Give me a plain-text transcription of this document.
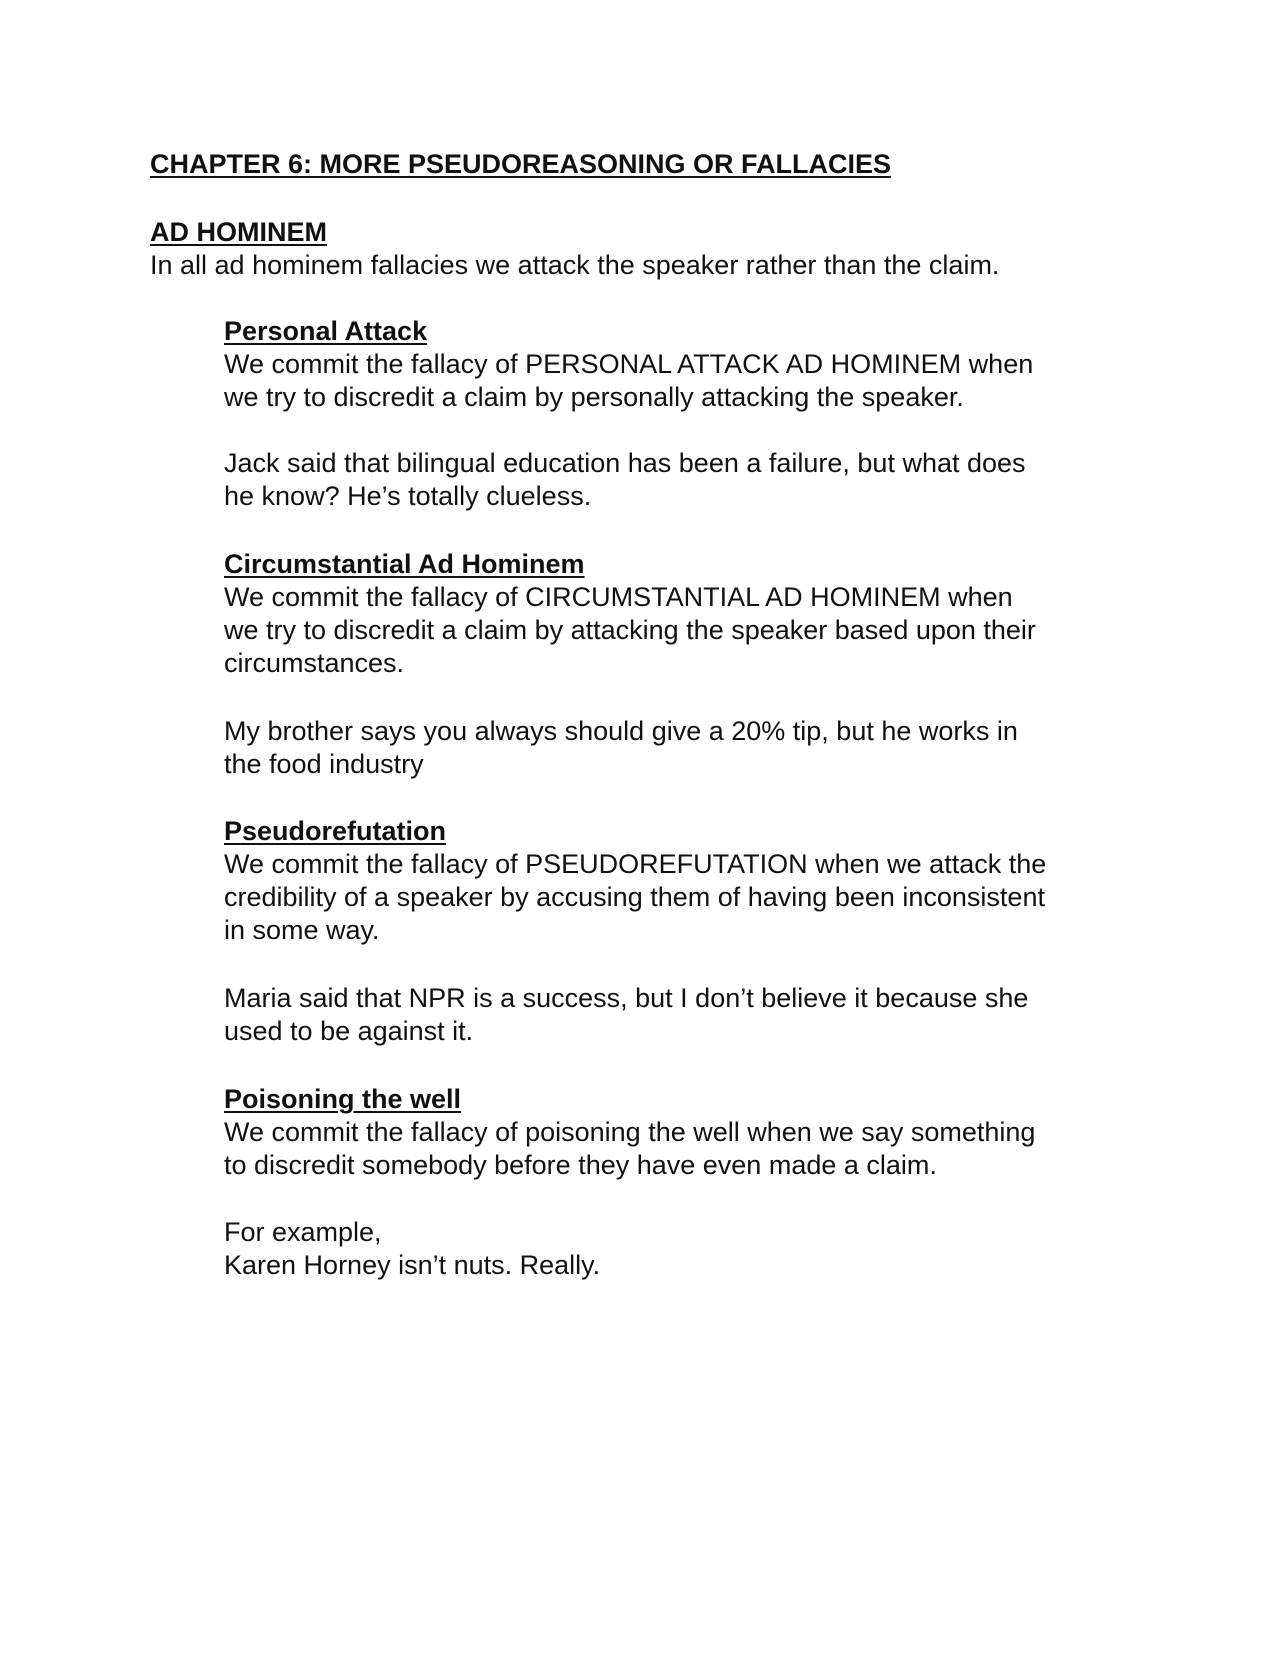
CHAPTER 6: MORE PSEUDOREASONING OR FALLACIES
AD HOMINEM
In all ad hominem fallacies we attack the speaker rather than the claim.
Personal Attack
We commit the fallacy of PERSONAL ATTACK AD HOMINEM when
we try to discredit a claim by personally attacking the speaker.
Jack said that bilingual education has been a failure, but what does
he know? He’s totally clueless.
Circumstantial Ad Hominem
We commit the fallacy of CIRCUMSTANTIAL AD HOMINEM when
we try to discredit a claim by attacking the speaker based upon their
circumstances.
My brother says you always should give a 20% tip, but he works in
the food industry
Pseudorefutation
We commit the fallacy of PSEUDOREFUTATION when we attack the
credibility of a speaker by accusing them of having been inconsistent
in some way.
Maria said that NPR is a success, but I don’t believe it because she
used to be against it.
Poisoning the well
We commit the fallacy of poisoning the well when we say something
to discredit somebody before they have even made a claim.
For example,
Karen Horney isn’t nuts. Really.
